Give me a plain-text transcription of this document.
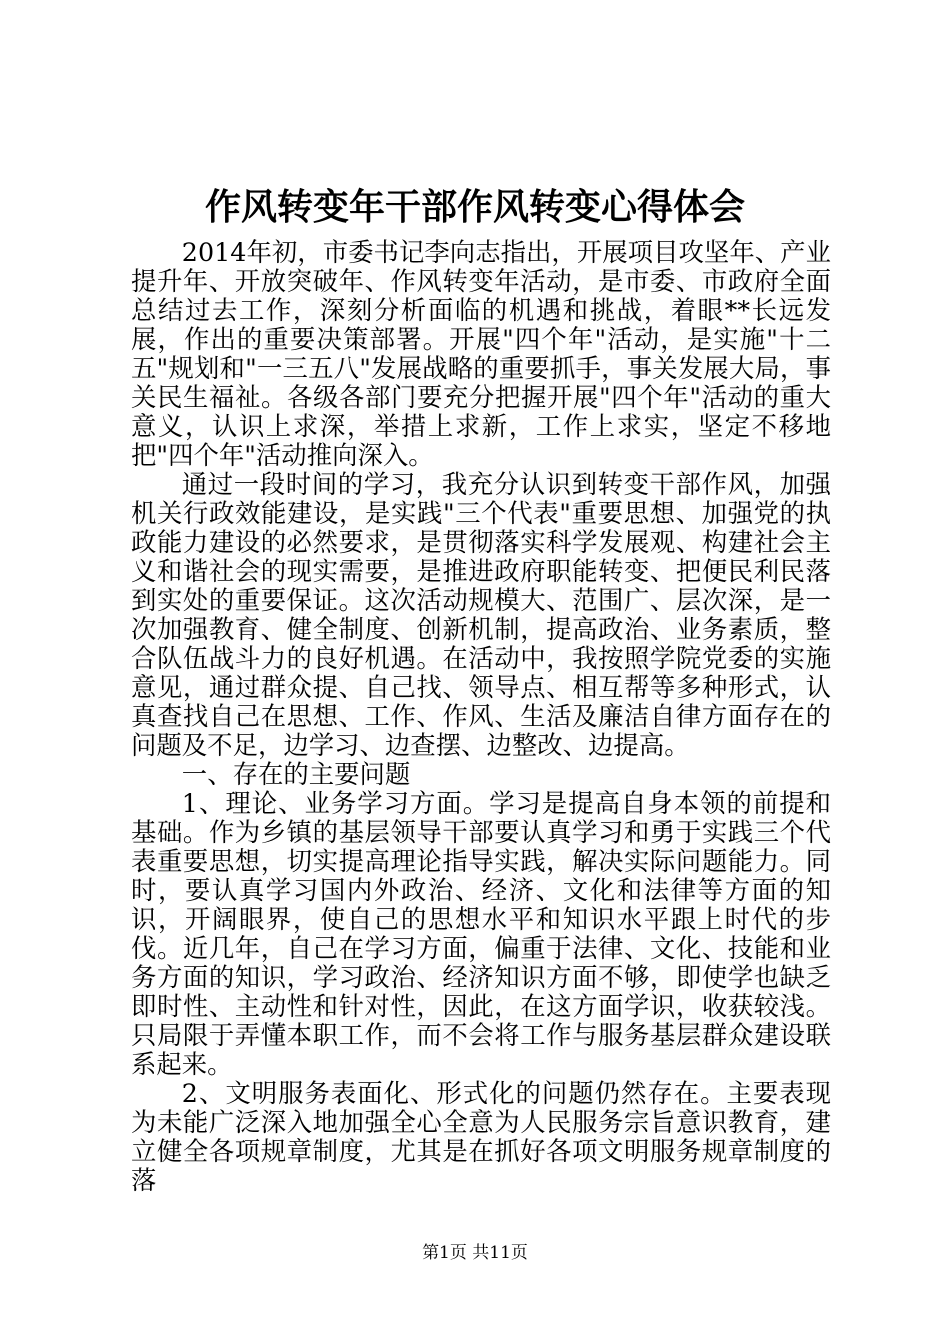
作风转变年干部作风转变心得体会

2014年初，市委书记李向志指出，开展项目攻坚年、产业提升年、开放突破年、作风转变年活动，是市委、市政府全面总结过去工作，深刻分析面临的机遇和挑战，着眼**长远发展，作出的重要决策部署。开展"四个年"活动，是实施"十二五"规划和"一三五八"发展战略的重要抓手，事关发展大局，事关民生福祉。各级各部门要充分把握开展"四个年"活动的重大意义，认识上求深，举措上求新，工作上求实，坚定不移地把"四个年"活动推向深入。

通过一段时间的学习，我充分认识到转变干部作风，加强机关行政效能建设，是实践"三个代表"重要思想、加强党的执政能力建设的必然要求，是贯彻落实科学发展观、构建社会主义和谐社会的现实需要，是推进政府职能转变、把便民利民落到实处的重要保证。这次活动规模大、范围广、层次深，是一次加强教育、健全制度、创新机制，提高政治、业务素质，整合队伍战斗力的良好机遇。在活动中，我按照学院党委的实施意见，通过群众提、自己找、领导点、相互帮等多种形式，认真查找自己在思想、工作、作风、生活及廉洁自律方面存在的问题及不足，边学习、边查摆、边整改、边提高。

一、存在的主要问题

1、理论、业务学习方面。学习是提高自身本领的前提和基础。作为乡镇的基层领导干部要认真学习和勇于实践三个代表重要思想，切实提高理论指导实践，解决实际问题能力。同时，要认真学习国内外政治、经济、文化和法律等方面的知识，开阔眼界，使自己的思想水平和知识水平跟上时代的步伐。近几年，自己在学习方面，偏重于法律、文化、技能和业务方面的知识，学习政治、经济知识方面不够，即使学也缺乏即时性、主动性和针对性，因此，在这方面学识，收获较浅。只局限于弄懂本职工作，而不会将工作与服务基层群众建设联系起来。

2、文明服务表面化、形式化的问题仍然存在。主要表现为未能广泛深入地加强全心全意为人民服务宗旨意识教育，建立健全各项规章制度，尤其是在抓好各项文明服务规章制度的落

第1页 共11页
